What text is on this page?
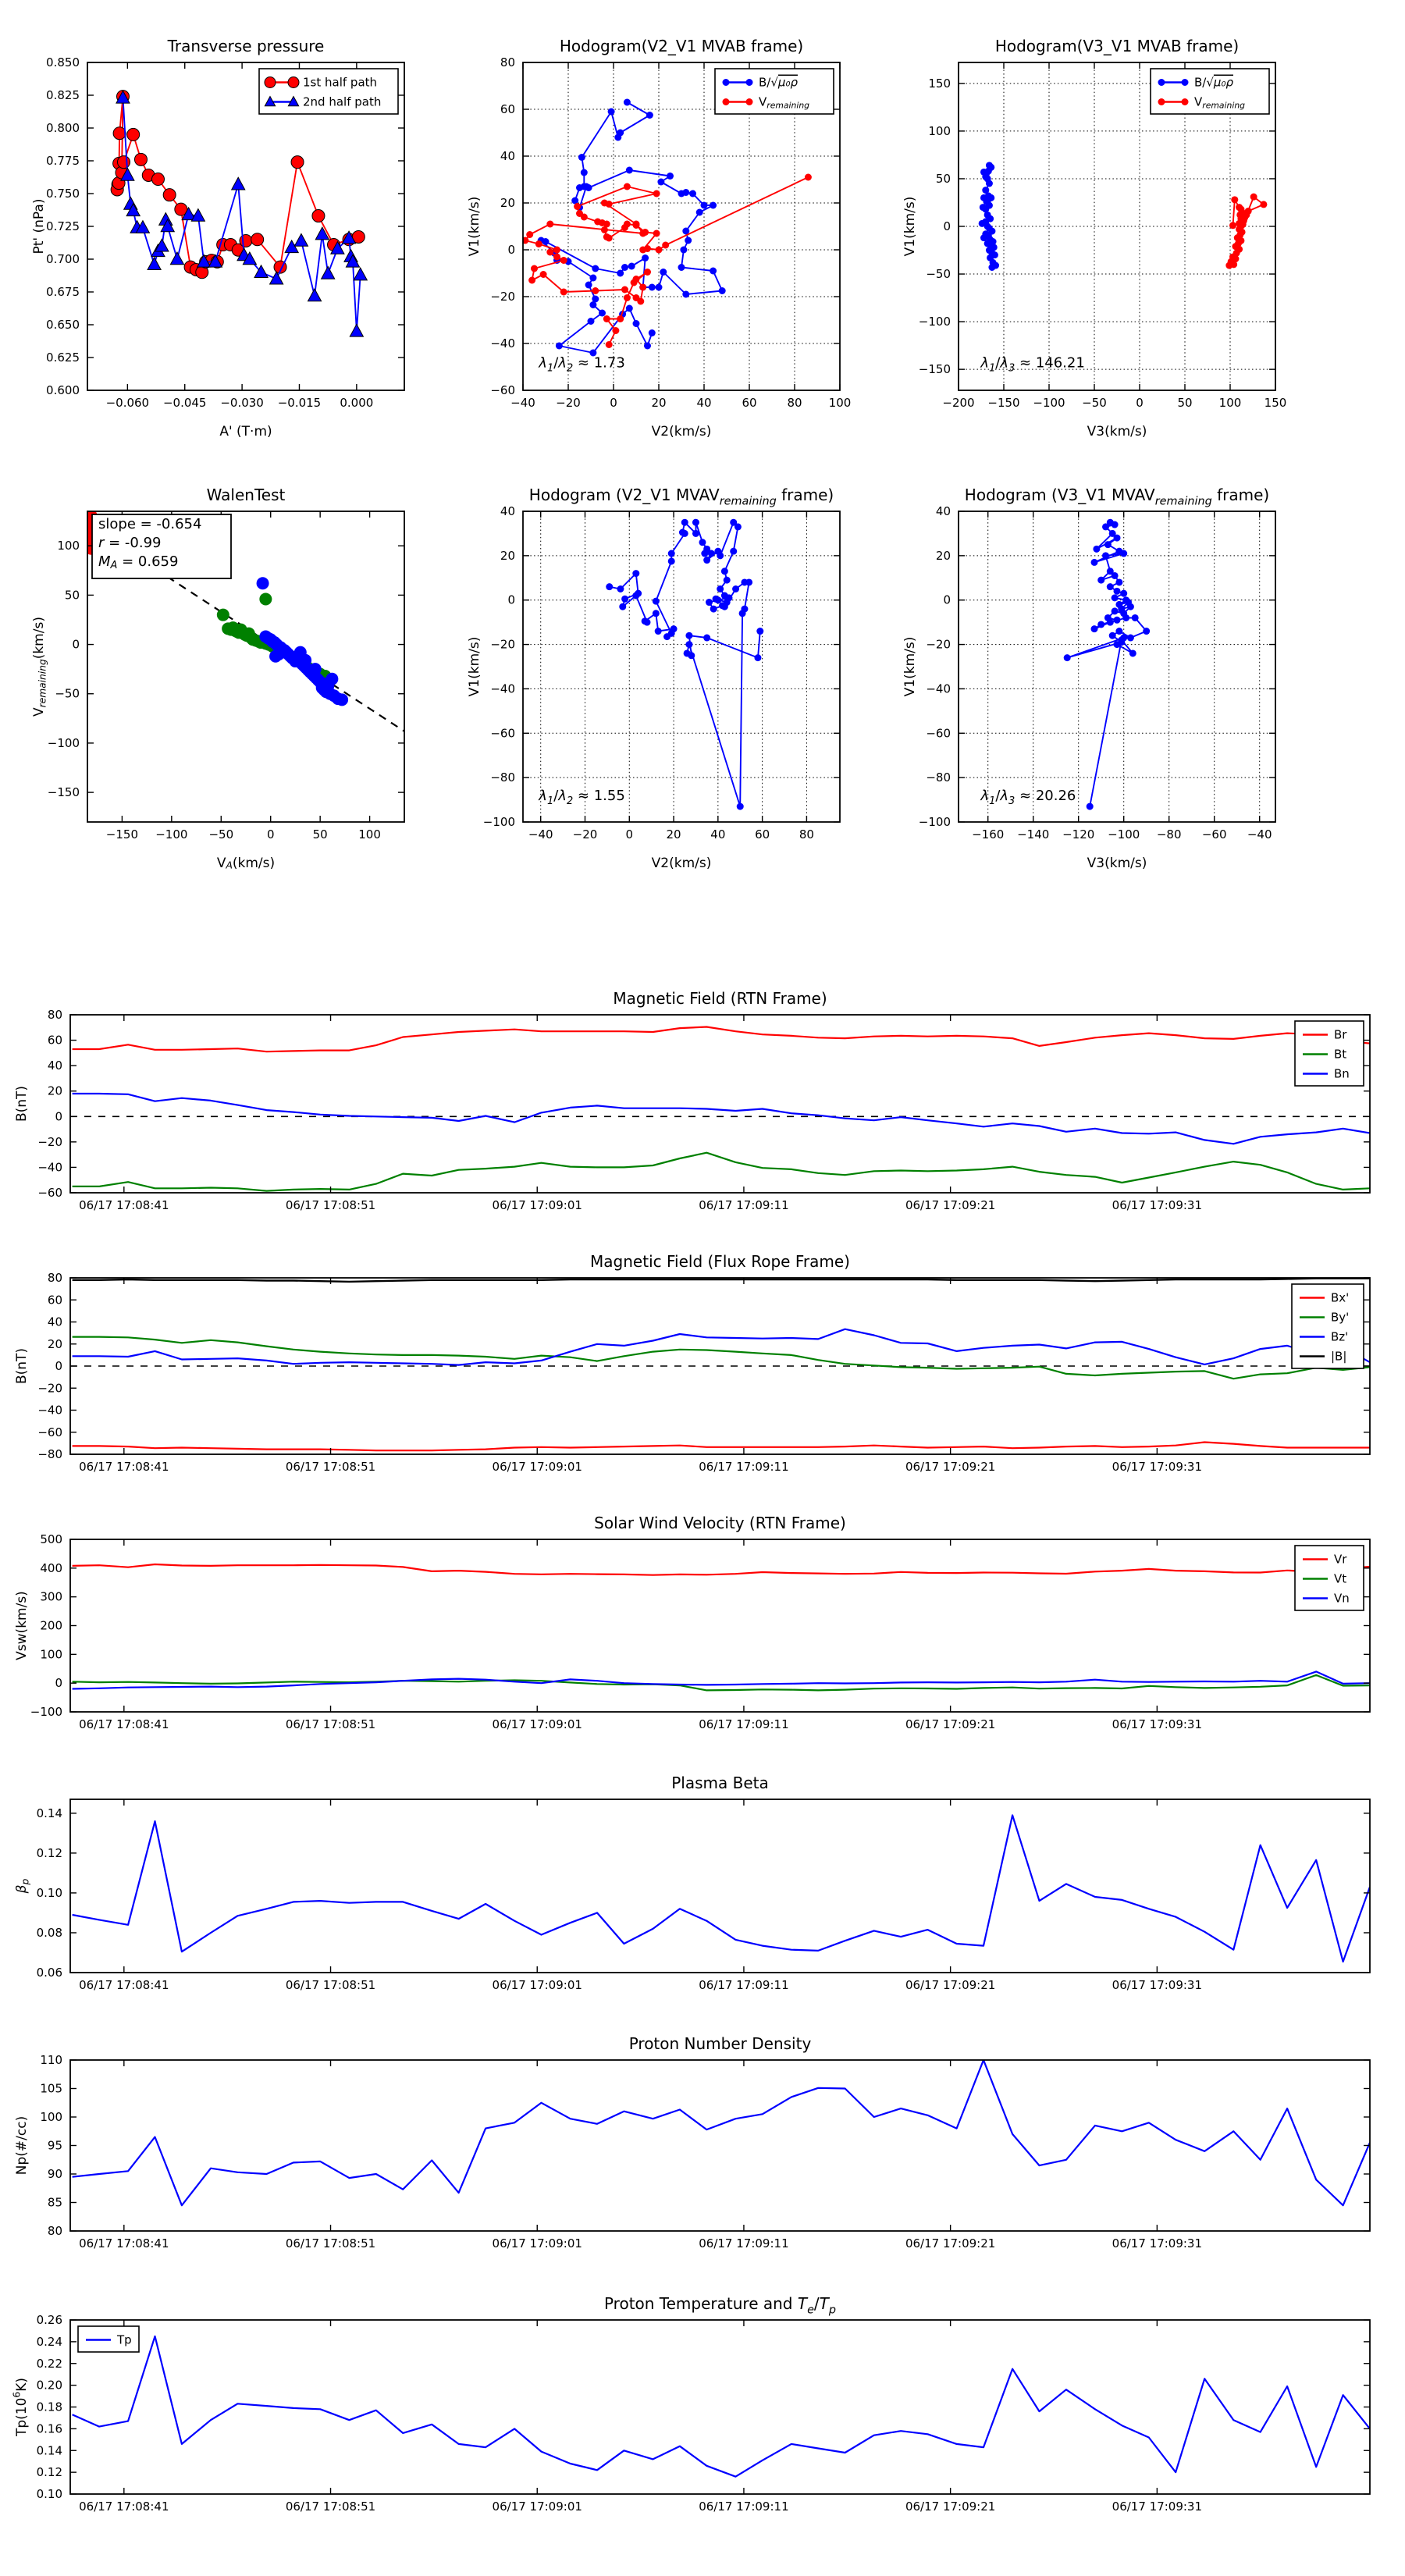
−0.060 −0.045 −0.030 −0.015 0.000
0.600
0.625
0.650
0.675
0.700
0.725
0.750
0.775
0.800
0.825
0.850
Transverse pressure
A' (T·m)
Pt' (nPa)
1st half path
2nd half path
−40 −20 0	20	40	60	80 100
−60
−40
−20
0
20
40
60
80
Hodogram(V2_V1 MVAB frame)
V2(km/s)
V1(km/s)
$\lambda_1/\lambda_2 \approx 1.73$
B/√μ₀ρ
$V_{remaining}$
−200 −150 −100 −50 0	50 100 150
−150
−100
−50
0
50
100
150
Hodogram(V3_V1 MVAB frame)
V3(km/s)
V1(km/s)
$\lambda_1/\lambda_3 \approx 146.21$
B/√μ₀ρ
$V_{remaining}$
−150 −100 −50	0	50	100
−150
−100
−50
0
50
100
WalenTest
$V_A(km/s)$
$V_{remaining}(km/s)$
slope = -0.654
r = -0.99
$M_A = 0.659$
−40 −20 0	20	40	60	80
−100
−80
−60
−40
−20
0
20
40
Hodogram (V2_V1 $MVAV_{remaining}$ frame)
V2(km/s)
V1(km/s)
$\lambda_1/\lambda_2 \approx 1.55$
−160 −140 −120 −100 −80 −60 −40
−100
−80
−60
−40
−20
0
20
40
Hodogram (V3_V1 $MVAV_{remaining}$ frame)
V3(km/s)
V1(km/s)
$\lambda_1/\lambda_3 \approx 20.26$
06/17 17:08:41	06/17 17:08:51	06/17 17:09:01	06/17 17:09:11	06/17 17:09:21	06/17 17:09:31
−60
−40
−20
0
20
40
60
80
Magnetic Field (RTN Frame)
B(nT)
Br
Bt
Bn
06/17 17:08:41	06/17 17:08:51	06/17 17:09:01	06/17 17:09:11	06/17 17:09:21	06/17 17:09:31
−80
−60
−40
−20
0
20
40
60
80
Magnetic Field (Flux Rope Frame)
B(nT)
Bx'
By'
Bz'
|B|
06/17 17:08:41	06/17 17:08:51	06/17 17:09:01	06/17 17:09:11	06/17 17:09:21	06/17 17:09:31
−100
0
100
200
300
400
500
Solar Wind Velocity (RTN Frame)
Vsw(km/s)
Vr
Vt
Vn
06/17 17:08:41	06/17 17:08:51	06/17 17:09:01	06/17 17:09:11	06/17 17:09:21	06/17 17:09:31
0.06
0.08
0.10
0.12
0.14
Plasma Beta
$\beta_p$
06/17 17:08:41	06/17 17:08:51	06/17 17:09:01	06/17 17:09:11	06/17 17:09:21	06/17 17:09:31
80
85
90
95
100
105
110
Proton Number Density
Np(#/cc)
06/17 17:08:41	06/17 17:08:51	06/17 17:09:01	06/17 17:09:11	06/17 17:09:21	06/17 17:09:31
0.10
0.12
0.14
0.16
0.18
0.20
0.22
0.24
0.26
Proton Temperature and $T_e/T_p$
$Tp(10^6K)$
Tp
